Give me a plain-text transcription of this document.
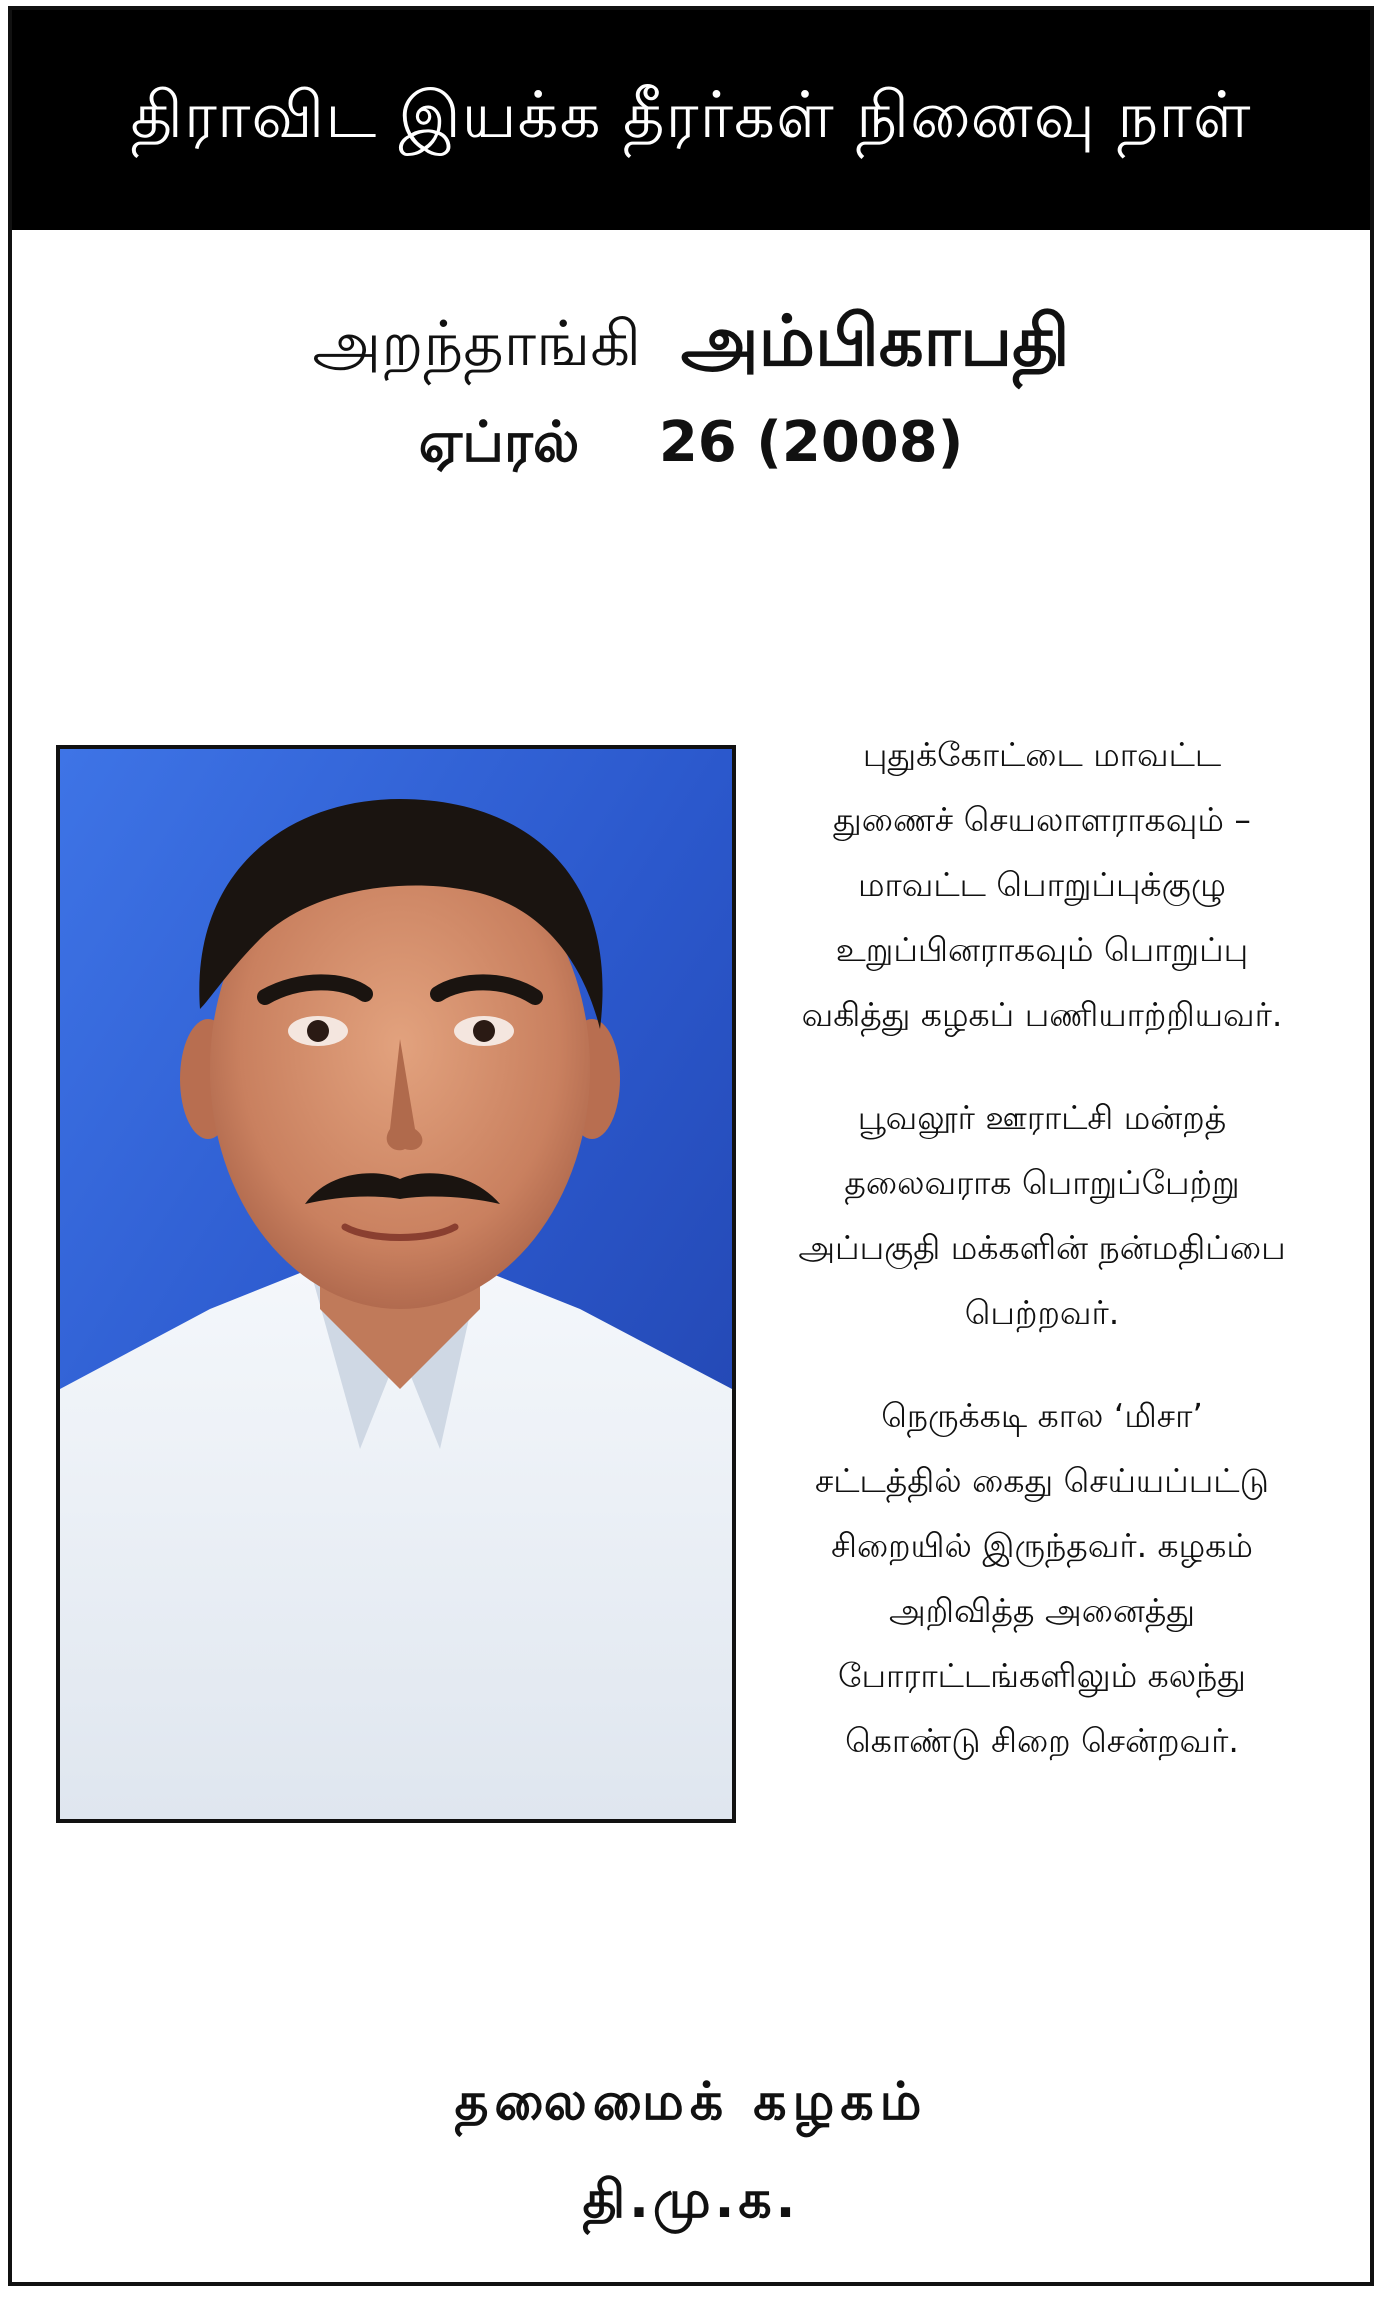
திராவிட இயக்க தீரர்கள் நினைவு நாள்
அறந்தாங்கி அம்பிகாபதி
ஏப்ரல் 26 (2008)

புதுக்கோட்டை மாவட்ட
துணைச் செயலாளராகவும் –
மாவட்ட பொறுப்புக்குழு
உறுப்பினராகவும் பொறுப்பு
வகித்து கழகப் பணியாற்றியவர்.

பூவலூர் ஊராட்சி மன்றத்
தலைவராக பொறுப்பேற்று
அப்பகுதி மக்களின் நன்மதிப்பை
பெற்றவர்.

நெருக்கடி கால ‘மிசா’
சட்டத்தில் கைது செய்யப்பட்டு
சிறையில் இருந்தவர். கழகம்
அறிவித்த அனைத்து
போராட்டங்களிலும் கலந்து
கொண்டு சிறை சென்றவர்.

தலைமைக் கழகம்
தி.மு.க.
